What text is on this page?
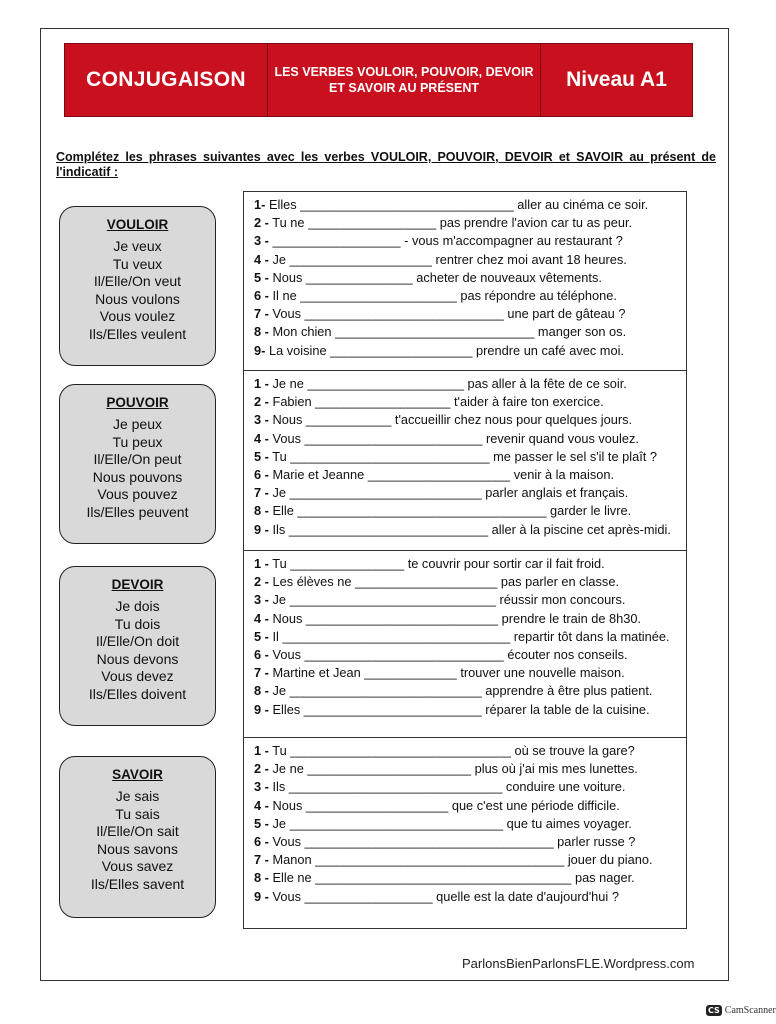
CONJUGAISON	LES VERBES VOULOIR, POUVOIR, DEVOIR ET SAVOIR AU PRÉSENT	Niveau A1
Complétez les phrases suivantes avec les verbes VOULOIR, POUVOIR, DEVOIR et SAVOIR au présent de l'indicatif :
VOULOIR
Je veux
Tu veux
Il/Elle/On veut
Nous voulons
Vous voulez
Ils/Elles veulent
POUVOIR
Je peux
Tu peux
Il/Elle/On peut
Nous pouvons
Vous pouvez
Ils/Elles peuvent
DEVOIR
Je dois
Tu dois
Il/Elle/On doit
Nous devons
Vous devez
Ils/Elles doivent
SAVOIR
Je sais
Tu sais
Il/Elle/On sait
Nous savons
Vous savez
Ils/Elles savent
1- Elles ______________________________ aller au cinéma ce soir.
2 - Tu ne __________________ pas prendre l'avion car tu as peur.
3 - __________________ - vous m'accompagner au restaurant ?
4 - Je ____________________ rentrer chez moi avant 18 heures.
5 - Nous _______________ acheter de nouveaux vêtements.
6 - Il ne ______________________ pas répondre au téléphone.
7 - Vous ____________________________ une part de gâteau ?
8 - Mon chien ____________________________ manger son os.
9- La voisine ____________________ prendre un café avec moi.
1 - Je ne ______________________ pas aller à la fête de ce soir.
2 - Fabien ___________________ t'aider à faire ton exercice.
3 - Nous ____________ t'accueillir chez nous pour quelques jours.
4 - Vous _________________________ revenir quand vous voulez.
5 - Tu ____________________________ me passer le sel s'il te plaît ?
6 - Marie et Jeanne ____________________ venir à la maison.
7 - Je ___________________________ parler anglais et français.
8 - Elle ___________________________________ garder le livre.
9 - Ils ____________________________ aller à la piscine cet après-midi.
1 - Tu ________________ te couvrir pour sortir car il fait froid.
2 - Les élèves ne ____________________ pas parler en classe.
3 - Je _____________________________ réussir mon concours.
4 - Nous ___________________________ prendre le train de 8h30.
5 - Il ________________________________ repartir tôt dans la matinée.
6 - Vous ____________________________ écouter nos conseils.
7 - Martine et Jean _____________ trouver une nouvelle maison.
8 - Je ___________________________ apprendre à être plus patient.
9 - Elles _________________________ réparer la table de la cuisine.
1 - Tu _______________________________ où se trouve la gare?
2 - Je ne _______________________ plus où j'ai mis mes lunettes.
3 - Ils ______________________________ conduire une voiture.
4 - Nous ____________________ que c'est une période difficile.
5 - Je ______________________________ que tu aimes voyager.
6 - Vous ___________________________________ parler russe ?
7 - Manon ___________________________________ jouer du piano.
8 - Elle ne ____________________________________ pas nager.
9 - Vous __________________ quelle est la date d'aujourd'hui ?
ParlonsBienParlonsFLE.Wordpress.com
CS CamScanner
